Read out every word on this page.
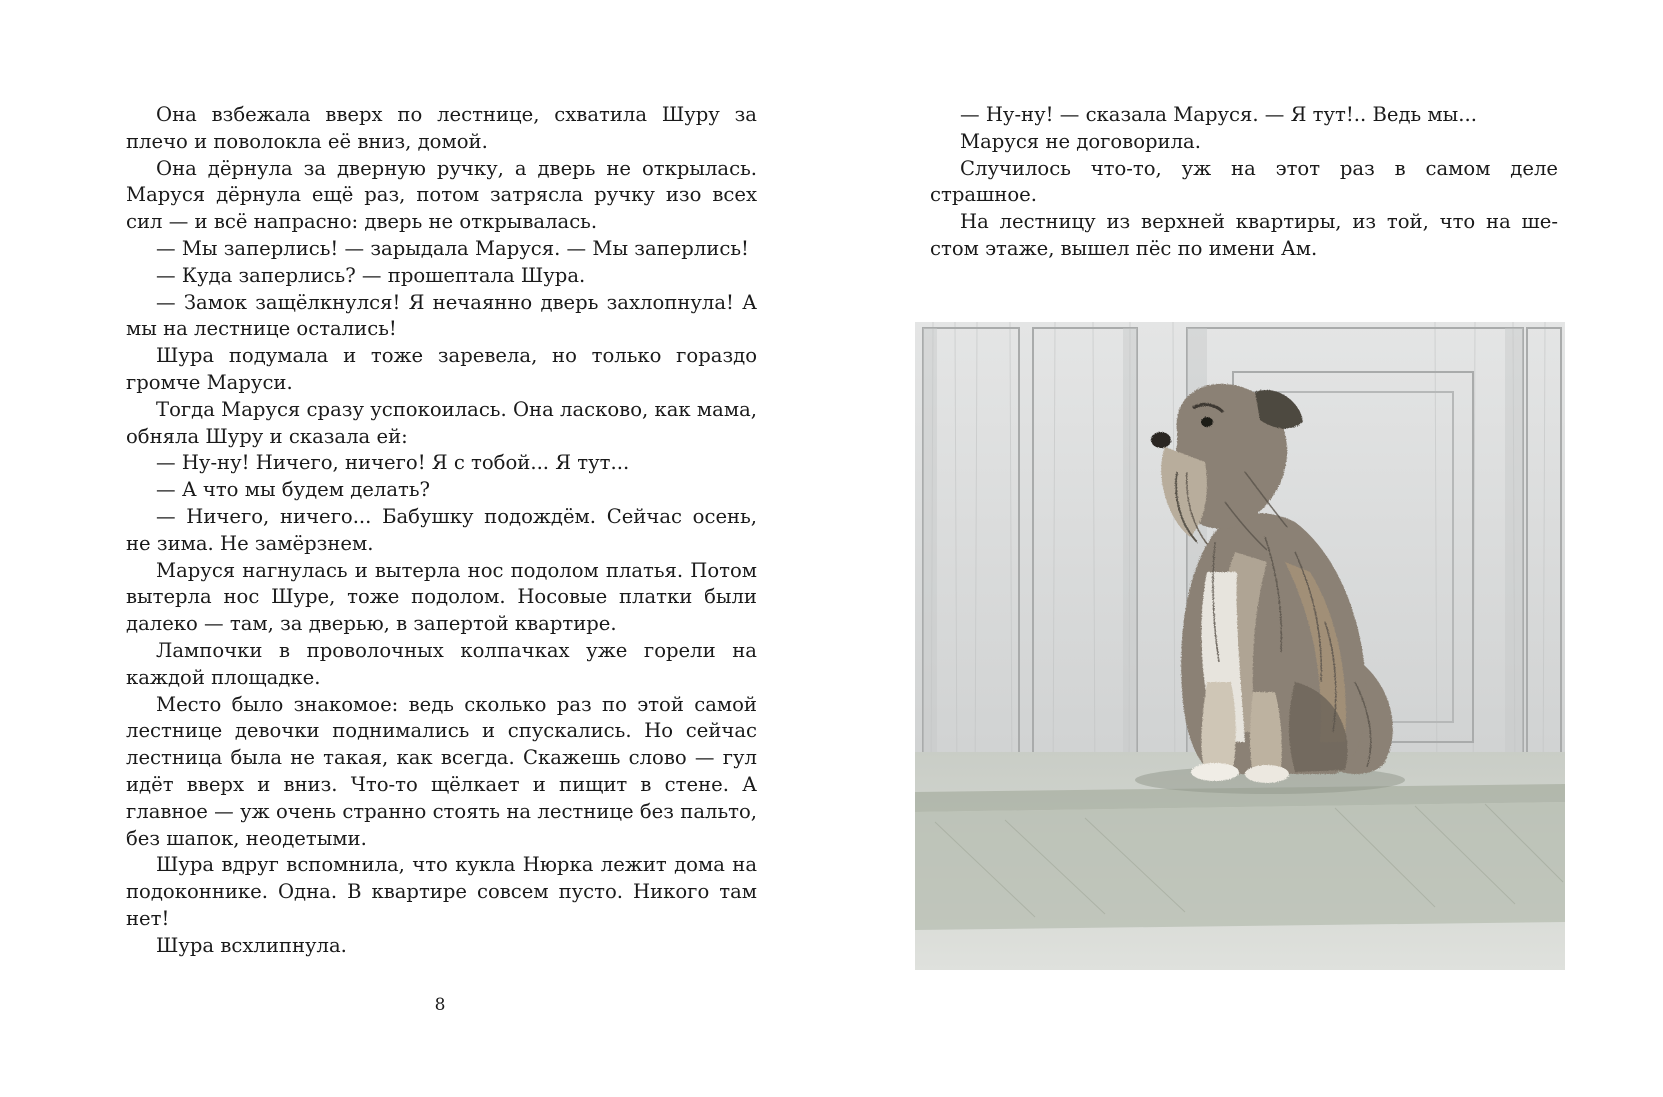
Она взбежала вверх по лестнице, схватила Шуру за плечо и поволокла её вниз, домой.

Она дёрнула за дверную ручку, а дверь не открылась. Маруся дёрнула ещё раз, потом затрясла ручку изо всех сил — и всё напрасно: дверь не открывалась.

— Мы заперлись! — зарыдала Маруся. — Мы заперлись!

— Куда заперлись? — прошептала Шура.

— Замок защёлкнулся! Я нечаянно дверь захлопнула! А мы на лестнице остались!

Шура подумала и тоже заревела, но только гораздо громче Маруси.

Тогда Маруся сразу успокоилась. Она ласково, как мама, обняла Шуру и сказала ей:

— Ну-ну! Ничего, ничего! Я с тобой... Я тут...

— А что мы будем делать?

— Ничего, ничего... Бабушку подождём. Сейчас осень, не зима. Не замёрзнем.

Маруся нагнулась и вытерла нос подолом платья. Потом вытерла нос Шуре, тоже подолом. Носовые платки были далеко — там, за дверью, в запертой квартире.

Лампочки в проволочных колпачках уже горели на каждой площадке.

Место было знакомое: ведь сколько раз по этой самой лестнице девочки поднимались и спускались. Но сейчас лестница была не такая, как всегда. Скажешь слово — гул идёт вверх и вниз. Что-то щёлкает и пищит в стене. А главное — уж очень странно стоять на лестнице без пальто, без шапок, неодетыми.

Шура вдруг вспомнила, что кукла Нюрка лежит дома на подоконнике. Одна. В квартире совсем пусто. Никого там нет!

Шура всхлипнула.

8

— Ну-ну! — сказала Маруся. — Я тут!.. Ведь мы...

Маруся не договорила.

Случилось что-то, уж на этот раз в самом деле страшное.

На лестницу из верхней квартиры, из той, что на шестом этаже, вышел пёс по имени Ам.
